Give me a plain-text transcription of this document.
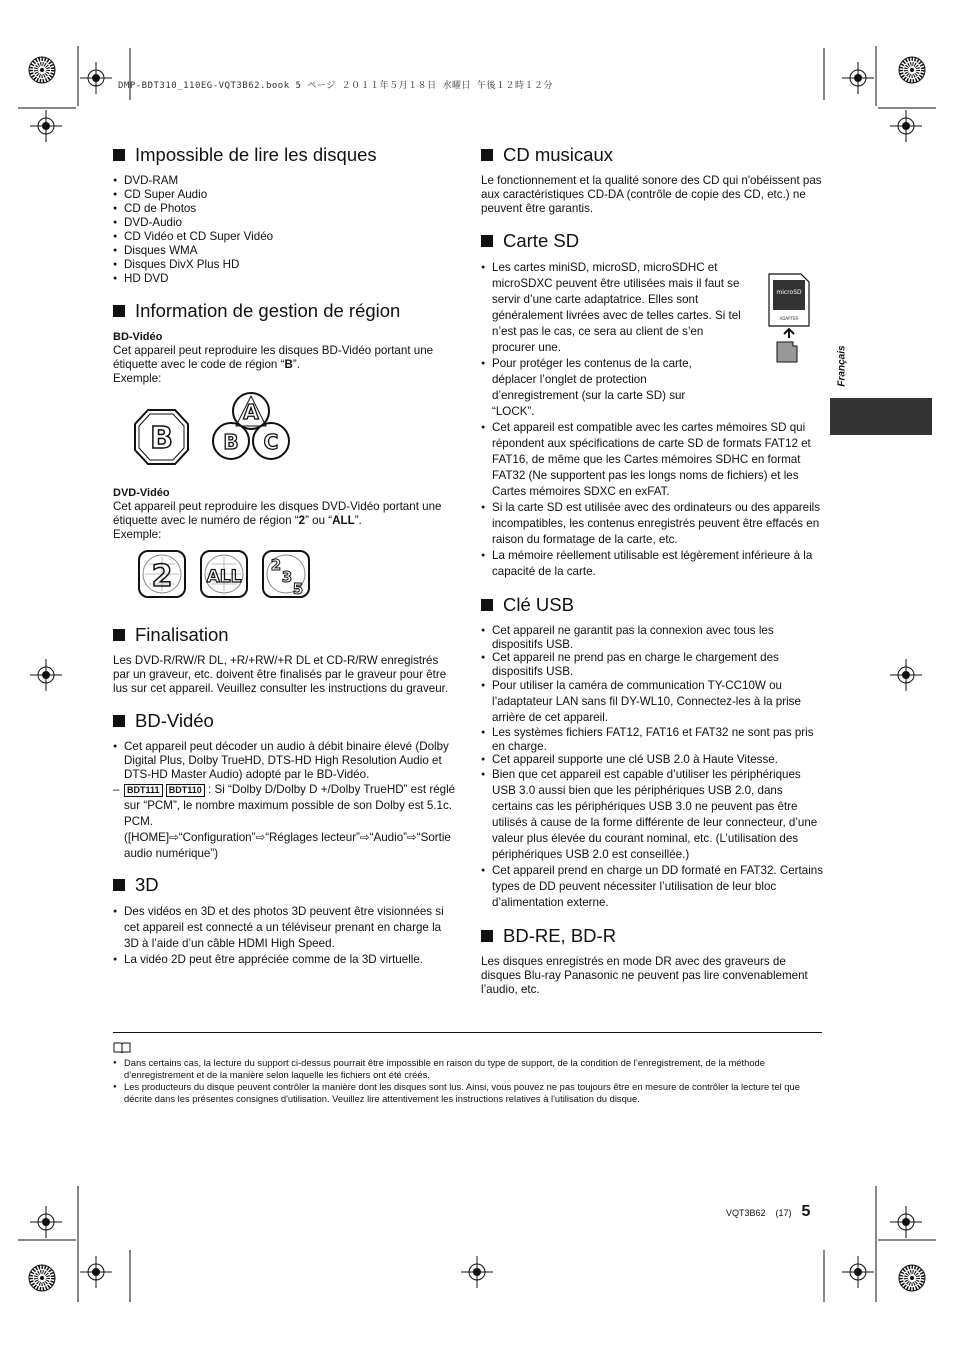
DMP-BDT310_110EG-VQT3B62.book 5 ページ ２０１１年５月１８日 水曜日 午後１２時１２分
Impossible de lire les disques
● DVD-RAM
● CD Super Audio
● CD de Photos
● DVD-Audio
● CD Vidéo et CD Super Vidéo
● Disques WMA
● Disques DivX Plus HD
● HD DVD
Information de gestion de région
BD-Vidéo
Cet appareil peut reproduire les disques BD-Vidéo portant une étiquette avec le code de région “B”.
Exemple:
B
A
B C
DVD-Vidéo
Cet appareil peut reproduire les disques DVD-Vidéo portant une étiquette avec le numéro de région “2” ou “ALL”.
Exemple:
2 ALL
2
3
5
Finalisation
Les DVD-R/RW/R DL, +R/+RW/+R DL et CD-R/RW enregistrés par un graveur, etc. doivent être finalisés par le graveur pour être lus sur cet appareil. Veuillez consulter les instructions du graveur.
BD-Vidéo
● Cet appareil peut décoder un audio à débit binaire élevé (Dolby Digital Plus, Dolby TrueHD, DTS-HD High Resolution Audio et DTS-HD Master Audio) adopté par le BD-Vidéo.
– BDT111 BDT110 : Si “Dolby D/Dolby D +/Dolby TrueHD” est réglé sur “PCM”, le nombre maximum possible de son Dolby est 5.1c. PCM.
([HOME]⇨“Configuration”⇨“Réglages lecteur”⇨“Audio”⇨“Sortie audio numérique”)
3D
● Des vidéos en 3D et des photos 3D peuvent être visionnées si cet appareil est connecté a un téléviseur prenant en charge la 3D à l’aide d’un câble HDMI High Speed.
● La vidéo 2D peut être appréciée comme de la 3D virtuelle.
CD musicaux
Le fonctionnement et la qualité sonore des CD qui n'obéissent pas aux caractéristiques CD-DA (contrôle de copie des CD, etc.) ne peuvent être garantis.
Carte SD
microSD
ADAPTER
● Les cartes miniSD, microSD, microSDHC et microSDXC peuvent être utilisées mais il faut se servir d’une carte adaptatrice. Elles sont généralement livrées avec de telles cartes. Si tel n’est pas le cas, ce sera au client de s’en procurer une.
● Pour protéger les contenus de la carte, déplacer l’onglet de protection d’enregistrement (sur la carte SD) sur “LOCK”.
● Cet appareil est compatible avec les cartes mémoires SD qui répondent aux spécifications de carte SD de formats FAT12 et FAT16, de même que les Cartes mémoires SDHC en format FAT32 (Ne supportent pas les longs noms de fichiers) et les Cartes mémoires SDXC en exFAT.
● Si la carte SD est utilisée avec des ordinateurs ou des appareils incompatibles, les contenus enregistrés peuvent être effacés en raison du formatage de la carte, etc.
● La mémoire réellement utilisable est légèrement inférieure à la capacité de la carte.
Clé USB
● Cet appareil ne garantit pas la connexion avec tous les dispositifs USB.
● Cet appareil ne prend pas en charge le chargement des dispositifs USB.
● Pour utiliser la caméra de communication TY-CC10W ou l’adaptateur LAN sans fil DY-WL10, Connectez-les à la prise arrière de cet appareil.
● Les systèmes fichiers FAT12, FAT16 et FAT32 ne sont pas pris en charge.
● Cet appareil supporte une clé USB 2.0 à Haute Vitesse.
● Bien que cet appareil est capable d’utiliser les périphériques USB 3.0 aussi bien que les périphériques USB 2.0, dans certains cas les périphériques USB 3.0 ne peuvent pas être utilisés à cause de la forme différente de leur connecteur, d’une valeur plus élevée du courant nominal, etc. (L’utilisation des périphériques USB 2.0 est conseillée.)
● Cet appareil prend en charge un DD formaté en FAT32. Certains types de DD peuvent nécessiter l’utilisation de leur bloc d’alimentation externe.
BD-RE, BD-R
Les disques enregistrés en mode DR avec des graveurs de disques Blu-ray Panasonic ne peuvent pas lire convenablement l’audio, etc.
Français
● Dans certains cas, la lecture du support ci-dessus pourrait être impossible en raison du type de support, de la condition de l’enregistrement, de la méthode d’enregistrement et de la manière selon laquelle les fichiers ont été créés.
● Les producteurs du disque peuvent contrôler la manière dont les disques sont lus. Ainsi, vous pouvez ne pas toujours être en mesure de contrôler la lecture tel que décrite dans les présentes consignes d'utilisation. Veuillez lire attentivement les instructions relatives à l'utilisation du disque.
VQT3B62 (17) 5
